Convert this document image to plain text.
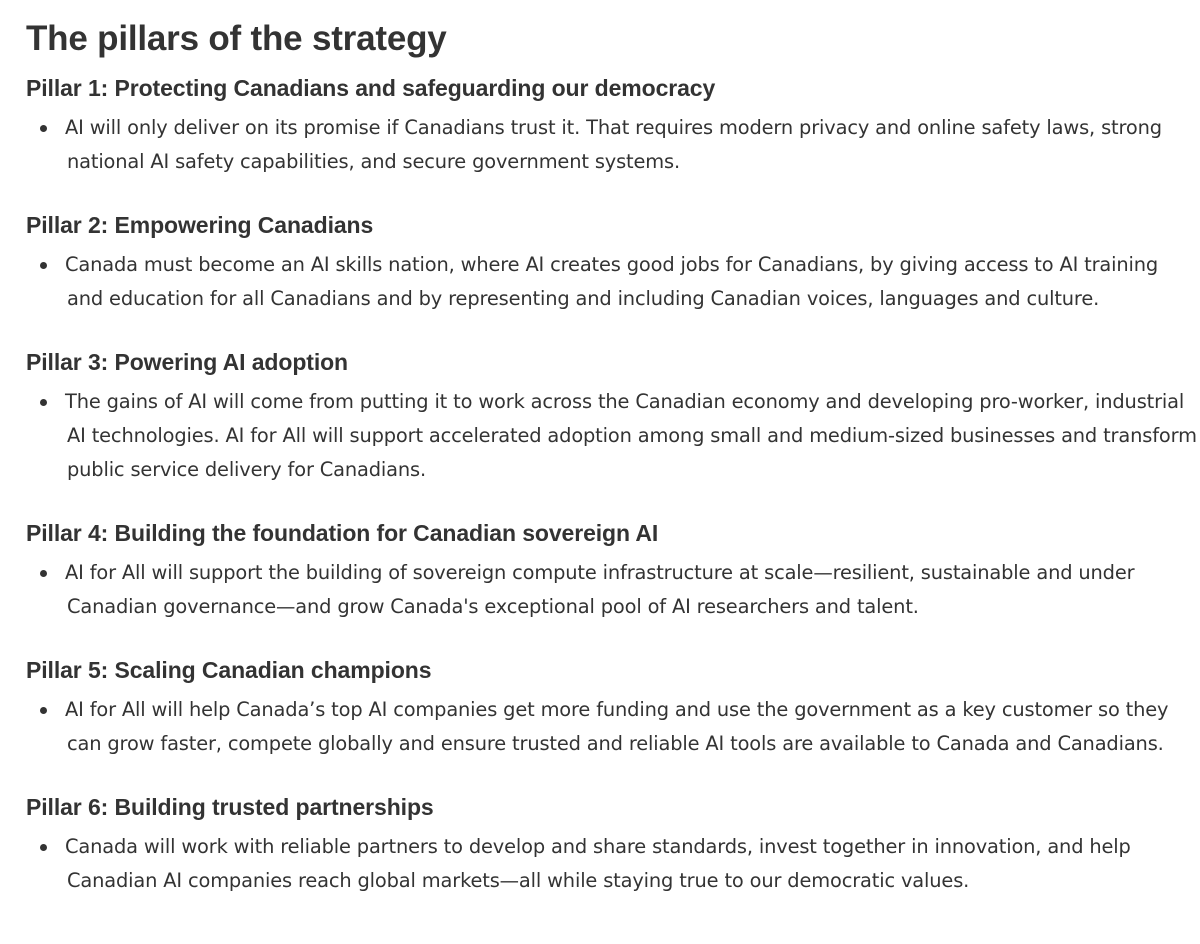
The pillars of the strategy
Pillar 1: Protecting Canadians and safeguarding our democracy
AI will only deliver on its promise if Canadians trust it. That requires modern privacy and online safety laws, strong national AI safety capabilities, and secure government systems.
Pillar 2: Empowering Canadians
Canada must become an AI skills nation, where AI creates good jobs for Canadians, by giving access to AI training and education for all Canadians and by representing and including Canadian voices, languages and culture.
Pillar 3: Powering AI adoption
The gains of AI will come from putting it to work across the Canadian economy and developing pro-worker, industrial AI technologies. AI for All will support accelerated adoption among small and medium-sized businesses and transform public service delivery for Canadians.
Pillar 4: Building the foundation for Canadian sovereign AI
AI for All will support the building of sovereign compute infrastructure at scale—resilient, sustainable and under Canadian governance—and grow Canada's exceptional pool of AI researchers and talent.
Pillar 5: Scaling Canadian champions
AI for All will help Canada’s top AI companies get more funding and use the government as a key customer so they can grow faster, compete globally and ensure trusted and reliable AI tools are available to Canada and Canadians.
Pillar 6: Building trusted partnerships
Canada will work with reliable partners to develop and share standards, invest together in innovation, and help Canadian AI companies reach global markets—all while staying true to our democratic values.
